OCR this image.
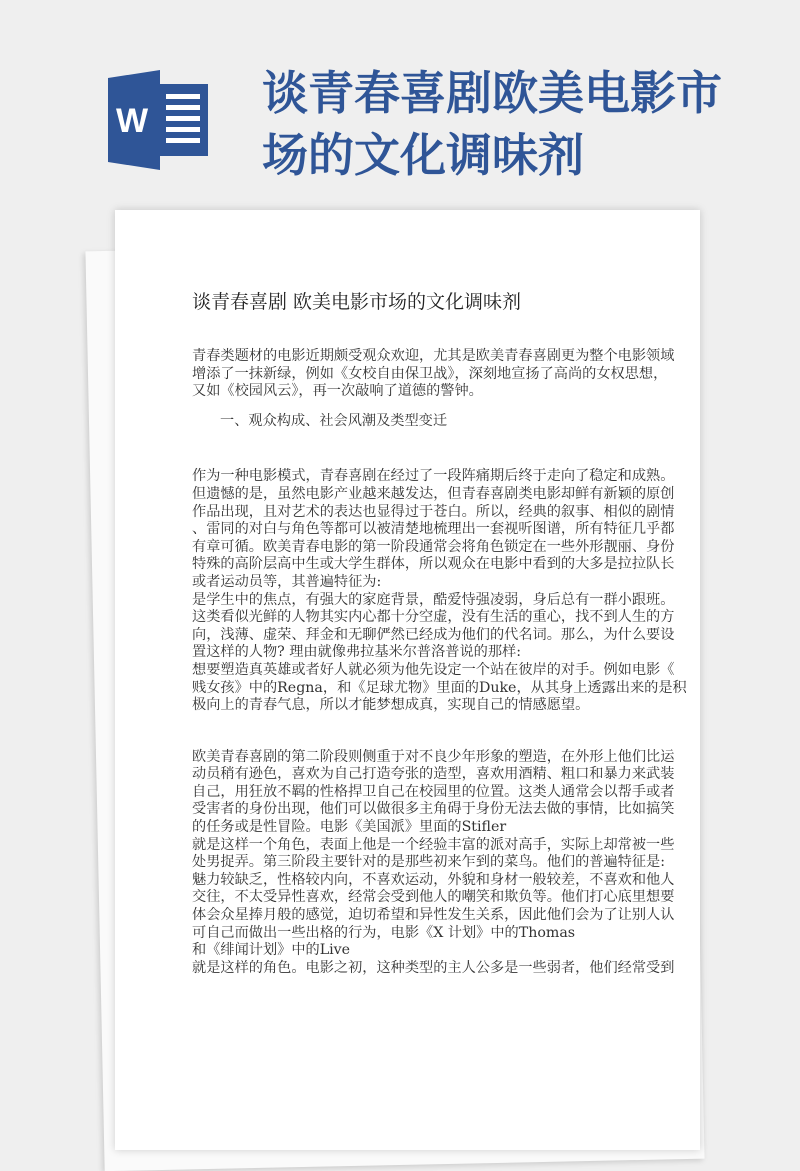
W
谈青春喜剧欧美电影市
场的文化调味剂
谈青春喜剧 欧美电影市场的文化调味剂
青春类题材的电影近期颇受观众欢迎，尤其是欧美青春喜剧更为整个电影领域
增添了一抹新绿，例如《女校自由保卫战》，深刻地宣扬了高尚的女权思想，
又如《校园风云》，再一次敲响了道德的警钟。
一、观众构成、社会风潮及类型变迁
作为一种电影模式，青春喜剧在经过了一段阵痛期后终于走向了稳定和成熟。
但遗憾的是，虽然电影产业越来越发达，但青春喜剧类电影却鲜有新颖的原创
作品出现，且对艺术的表达也显得过于苍白。所以，经典的叙事、相似的剧情
、雷同的对白与角色等都可以被清楚地梳理出一套视听图谱，所有特征几乎都
有章可循。欧美青春电影的第一阶段通常会将角色锁定在一些外形靓丽、身份
特殊的高阶层高中生或大学生群体，所以观众在电影中看到的大多是拉拉队长
或者运动员等，其普遍特征为:
是学生中的焦点，有强大的家庭背景，酷爱恃强凌弱，身后总有一群小跟班。
这类看似光鲜的人物其实内心都十分空虚，没有生活的重心，找不到人生的方
向，浅薄、虚荣、拜金和无聊俨然已经成为他们的代名词。那么，为什么要设
置这样的人物? 理由就像弗拉基米尔普洛普说的那样:
想要塑造真英雄或者好人就必须为他先设定一个站在彼岸的对手。例如电影《
贱女孩》中的Regna，和《足球尤物》里面的Duke，从其身上透露出来的是积
极向上的青春气息，所以才能梦想成真，实现自己的情感愿望。
欧美青春喜剧的第二阶段则侧重于对不良少年形象的塑造，在外形上他们比运
动员稍有逊色，喜欢为自己打造夸张的造型，喜欢用酒精、粗口和暴力来武装
自己，用狂放不羁的性格捍卫自己在校园里的位置。这类人通常会以帮手或者
受害者的身份出现，他们可以做很多主角碍于身份无法去做的事情，比如搞笑
的任务或是性冒险。电影《美国派》里面的Stifler
就是这样一个角色，表面上他是一个经验丰富的派对高手，实际上却常被一些
处男捉弄。第三阶段主要针对的是那些初来乍到的菜鸟。他们的普遍特征是:
魅力较缺乏，性格较内向，不喜欢运动，外貌和身材一般较差，不喜欢和他人
交往，不太受异性喜欢，经常会受到他人的嘲笑和欺负等。他们打心底里想要
体会众星捧月般的感觉，迫切希望和异性发生关系，因此他们会为了让别人认
可自己而做出一些出格的行为，电影《X 计划》中的Thomas
和《绯闻计划》中的Live
就是这样的角色。电影之初，这种类型的主人公多是一些弱者，他们经常受到
